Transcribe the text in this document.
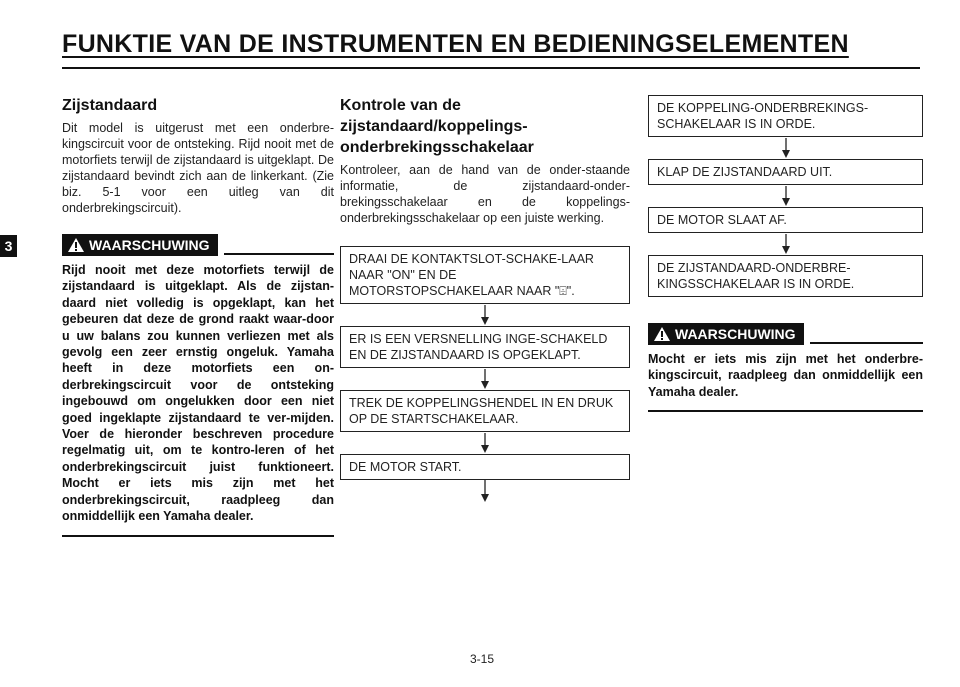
FUNKTIE VAN DE INSTRUMENTEN EN BEDIENINGSELEMENTEN
3
Zijstandaard

Dit model is uitgerust met een onderbre-kingscircuit voor de ontsteking. Rijd nooit met de motorfiets terwijl de zijstandaard is uitgeklapt. De zijstandaard bevindt zich aan de linkerkant. (Zie biz. 5-1 voor een uitleg van dit onderbrekingscircuit).

WAARSCHUWING

Rijd nooit met deze motorfiets terwijl de zijstandaard is uitgeklapt. Als de zijstan-daard niet volledig is opgeklapt, kan het gebeuren dat deze de grond raakt waar-door u uw balans zou kunnen verliezen met als gevolg een zeer ernstig ongeluk. Yamaha heeft in deze motorfiets een on-derbrekingscircuit voor de ontsteking ingebouwd om ongelukken door een niet goed ingeklapte zijstandaard te ver-mijden. Voer de hieronder beschreven procedure regelmatig uit, om te kontro-leren of het onderbrekingscircuit juist funktioneert. Mocht er iets mis zijn met het onderbrekingscircuit, raadpleeg dan onmiddellijk een Yamaha dealer.

Kontrole van de
zijstandaard/koppelings-
onderbrekingsschakelaar

Kontroleer, aan de hand van de onder-staande informatie, de zijstandaard-onder-brekingsschakelaar en de koppelings-onderbrekingsschakelaar op een juiste werking.

DRAAI DE KONTAKTSLOT-SCHAKE-LAAR NAAR "ON" EN DE MOTORSTOPSCHAKELAAR NAAR "⌹".
ER IS EEN VERSNELLING INGE-SCHAKELD EN DE ZIJSTANDAARD IS OPGEKLAPT.
TREK DE KOPPELINGSHENDEL IN EN DRUK OP DE STARTSCHAKELAAR.
DE MOTOR START.
DE KOPPELING-ONDERBREKINGS-SCHAKELAAR IS IN ORDE.
KLAP DE ZIJSTANDAARD UIT.
DE MOTOR SLAAT AF.
DE ZIJSTANDAARD-ONDERBRE-KINGSSCHAKELAAR IS IN ORDE.
WAARSCHUWING

Mocht er iets mis zijn met het onderbre-kingscircuit, raadpleeg dan onmiddellijk een Yamaha dealer.

3-15
